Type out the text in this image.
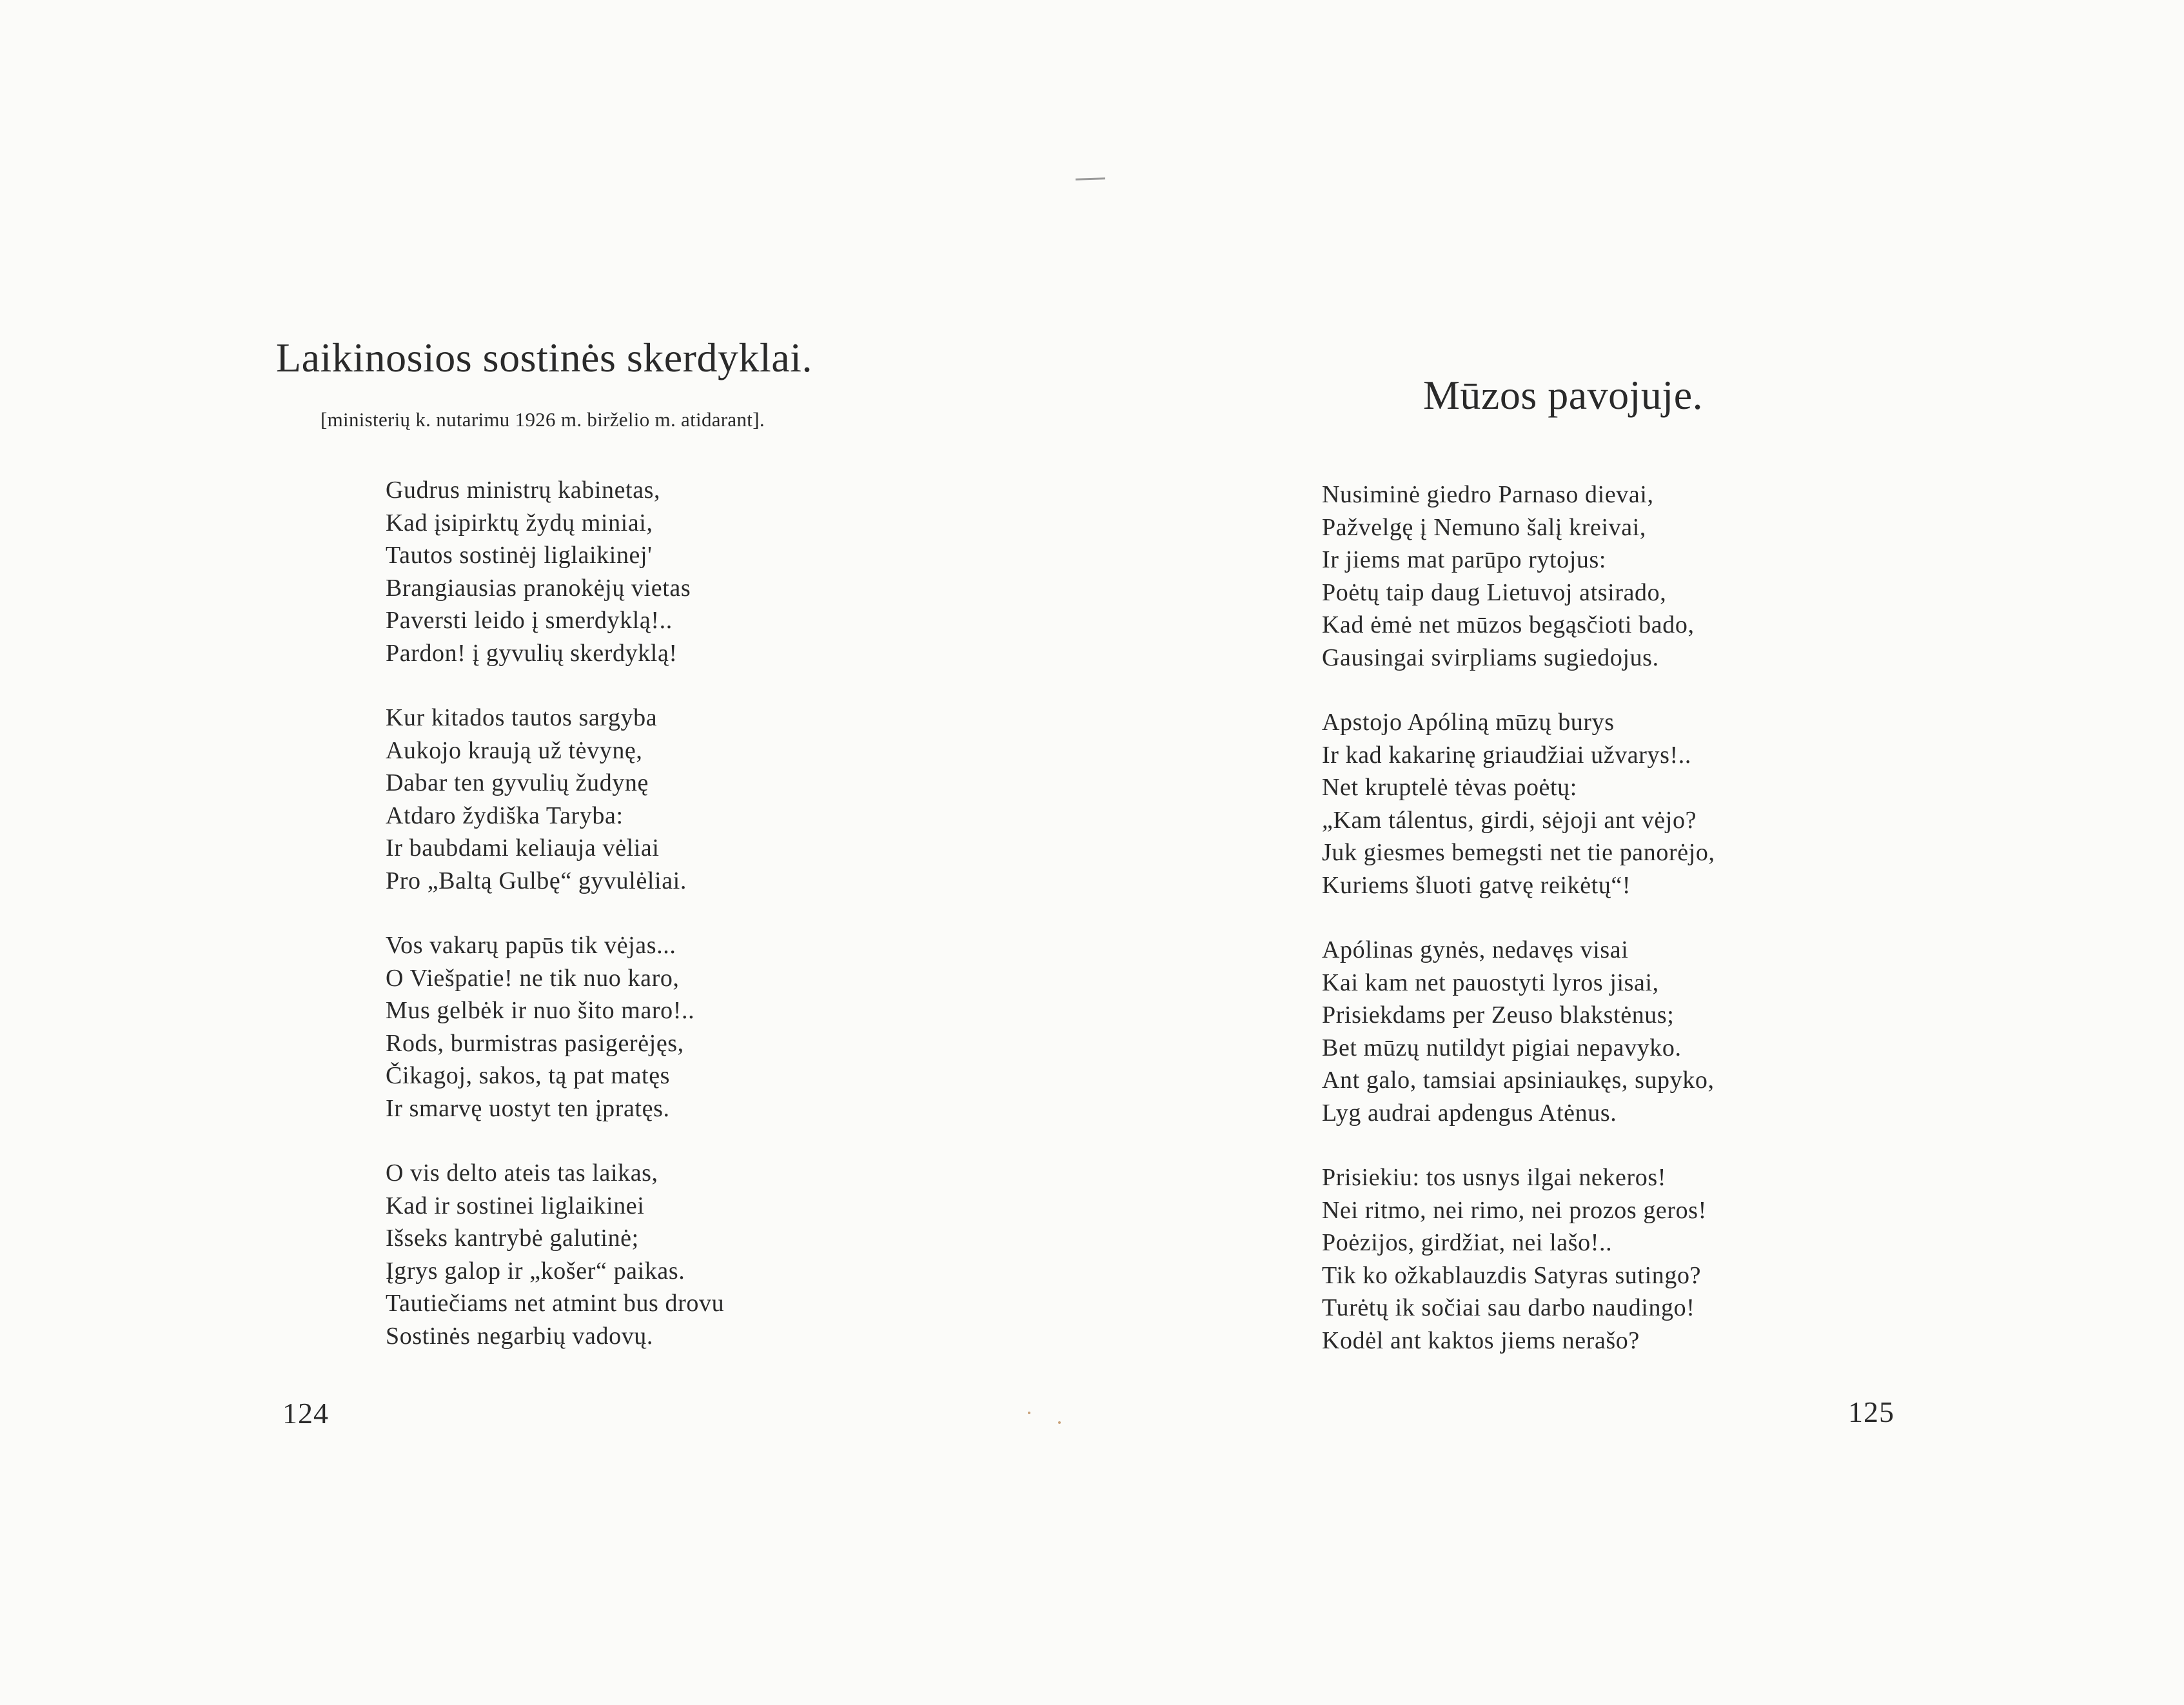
Laikinosios sostinės skerdyklai.
[ministerių k. nutarimu 1926 m. birželio m. atidarant].
Gudrus ministrų kabinetas,
Kad įsipirktų žydų miniai,
Tautos sostinėj liglaikinej'
Brangiausias pranokėjų vietas
Paversti leido į smerdyklą!..
Pardon! į gyvulių skerdyklą!
Kur kitados tautos sargyba
Aukojo kraują už tėvynę,
Dabar ten gyvulių žudynę
Atdaro žydiška Taryba:
Ir baubdami keliauja vėliai
Pro „Baltą Gulbę“ gyvulėliai.
Vos vakarų papūs tik vėjas...
O Viešpatie! ne tik nuo karo,
Mus gelbėk ir nuo šito maro!..
Rods, burmistras pasigerėjęs,
Čikagoj, sakos, tą pat matęs
Ir smarvę uostyt ten įpratęs.
O vis delto ateis tas laikas,
Kad ir sostinei liglaikinei
Išseks kantrybė galutinė;
Įgrys galop ir „košer“ paikas.
Tautiečiams net atmint bus drovu
Sostinės negarbių vadovų.
124
Mūzos pavojuje.
Nusiminė giedro Parnaso dievai,
Pažvelgę į Nemuno šalį kreivai,
Ir jiems mat parūpo rytojus:
Poėtų taip daug Lietuvoj atsirado,
Kad ėmė net mūzos begąsčioti bado,
Gausingai svirpliams sugiedojus.
Apstojo Apóliną mūzų burys
Ir kad kakarinę griaudžiai užvarys!..
Net kruptelė tėvas poėtų:
„Kam tálentus, girdi, sėjoji ant vėjo?
Juk giesmes bemegsti net tie panorėjo,
Kuriems šluoti gatvę reikėtų“!
Apólinas gynės, nedavęs visai
Kai kam net pauostyti lyros jisai,
Prisiekdams per Zeuso blakstėnus;
Bet mūzų nutildyt pigiai nepavyko.
Ant galo, tamsiai apsiniaukęs, supyko,
Lyg audrai apdengus Atėnus.
Prisiekiu: tos usnys ilgai nekeros!
Nei ritmo, nei rimo, nei prozos geros!
Poėzijos, girdžiat, nei lašo!..
Tik ko ožkablauzdis Satyras sutingo?
Turėtų ik sočiai sau darbo naudingo!
Kodėl ant kaktos jiems nerašo?
125
